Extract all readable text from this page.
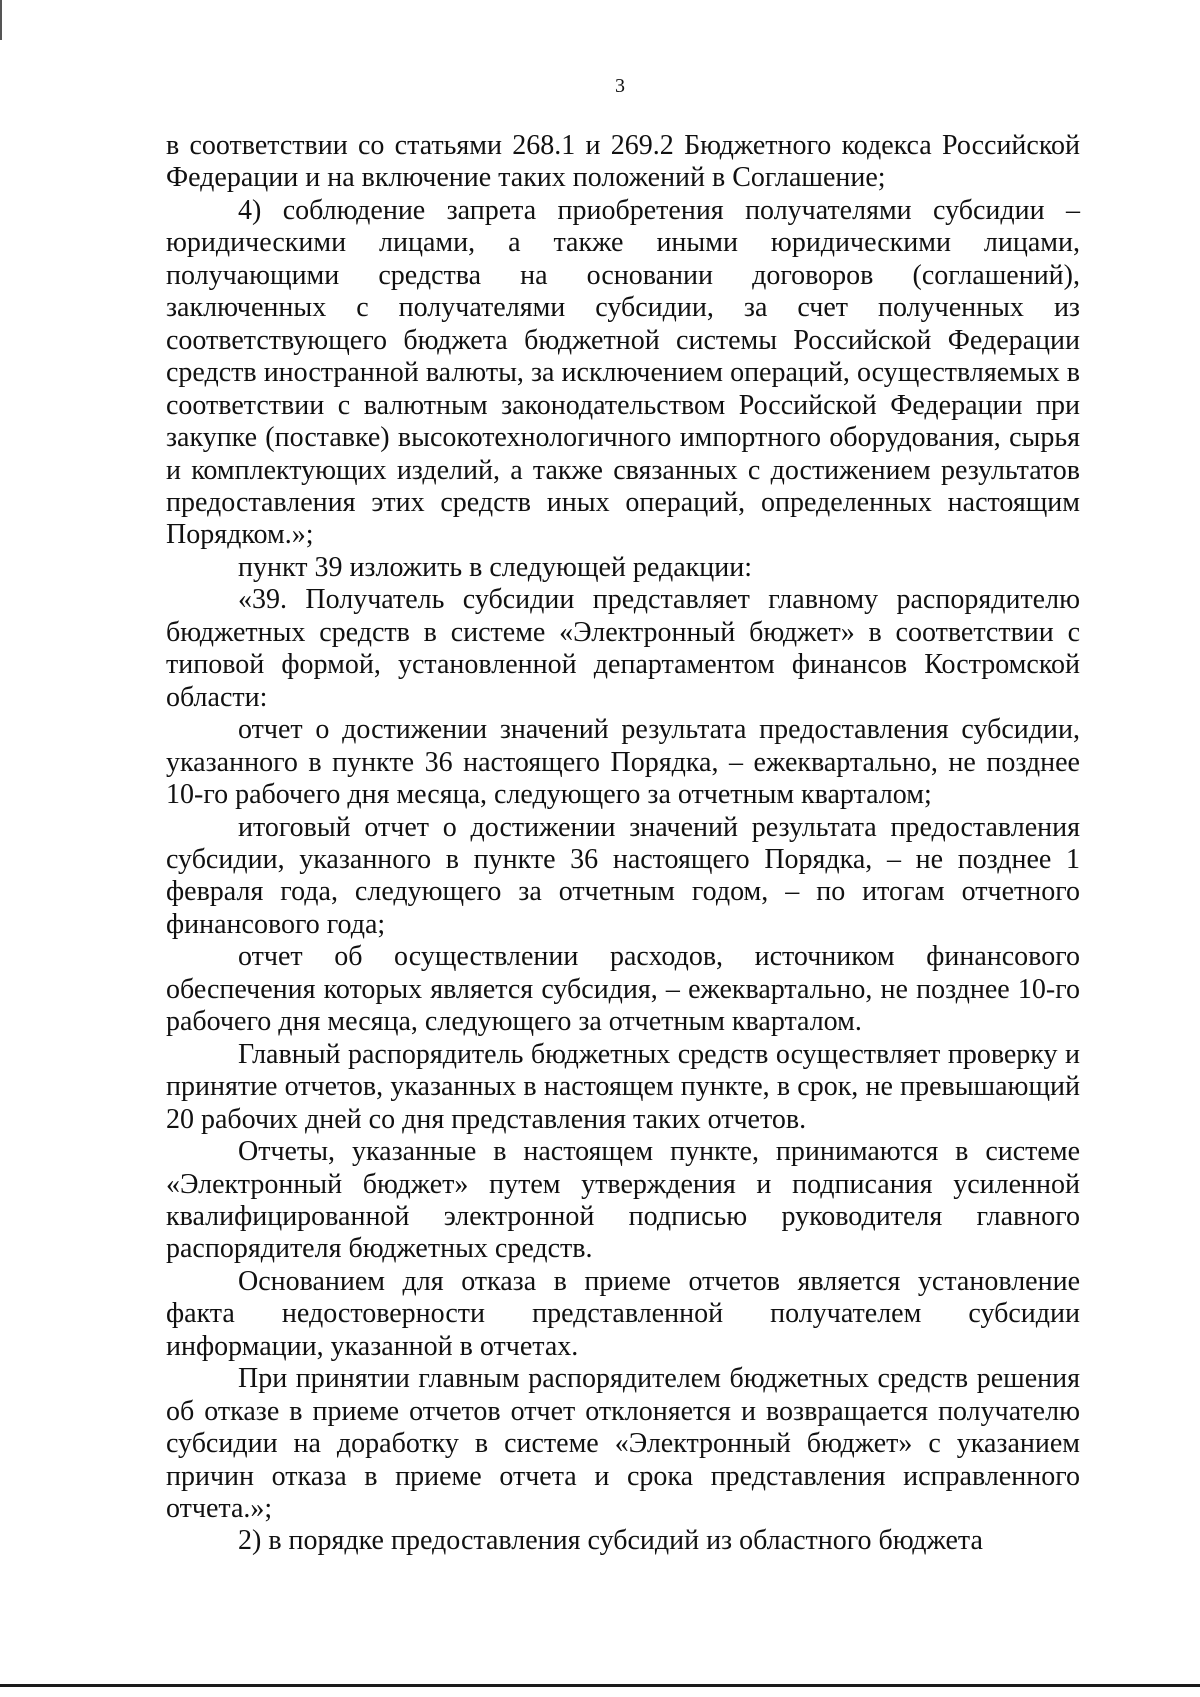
3

в соответствии со статьями 268.1 и 269.2 Бюджетного кодекса Российской Федерации и на включение таких положений в Соглашение;

4) соблюдение запрета приобретения получателями субсидии – юридическими лицами, а также иными юридическими лицами, получающими средства на основании договоров (соглашений), заключенных с получателями субсидии, за счет полученных из соответствующего бюджета бюджетной системы Российской Федерации средств иностранной валюты, за исключением операций, осуществляемых в соответствии с валютным законодательством Российской Федерации при закупке (поставке) высокотехнологичного импортного оборудования, сырья и комплектующих изделий, а также связанных с достижением результатов предоставления этих средств иных операций, определенных настоящим Порядком.»;

пункт 39 изложить в следующей редакции:

«39. Получатель субсидии представляет главному распорядителю бюджетных средств в системе «Электронный бюджет» в соответствии с типовой формой, установленной департаментом финансов Костромской области:

отчет о достижении значений результата предоставления субсидии, указанного в пункте 36 настоящего Порядка, – ежеквартально, не позднее 10-го рабочего дня месяца, следующего за отчетным кварталом;

итоговый отчет о достижении значений результата предоставления субсидии, указанного в пункте 36 настоящего Порядка, – не позднее 1 февраля года, следующего за отчетным годом, – по итогам отчетного финансового года;

отчет об осуществлении расходов, источником финансового обеспечения которых является субсидия, – ежеквартально, не позднее 10-го рабочего дня месяца, следующего за отчетным кварталом.

Главный распорядитель бюджетных средств осуществляет проверку и принятие отчетов, указанных в настоящем пункте, в срок, не превышающий 20 рабочих дней со дня представления таких отчетов.

Отчеты, указанные в настоящем пункте, принимаются в системе «Электронный бюджет» путем утверждения и подписания усиленной квалифицированной электронной подписью руководителя главного распорядителя бюджетных средств.

Основанием для отказа в приеме отчетов является установление факта недостоверности представленной получателем субсидии информации, указанной в отчетах.

При принятии главным распорядителем бюджетных средств решения об отказе в приеме отчетов отчет отклоняется и возвращается получателю субсидии на доработку в системе «Электронный бюджет» с указанием причин отказа в приеме отчета и срока представления исправленного отчета.»;

2) в порядке предоставления субсидий из областного бюджета
